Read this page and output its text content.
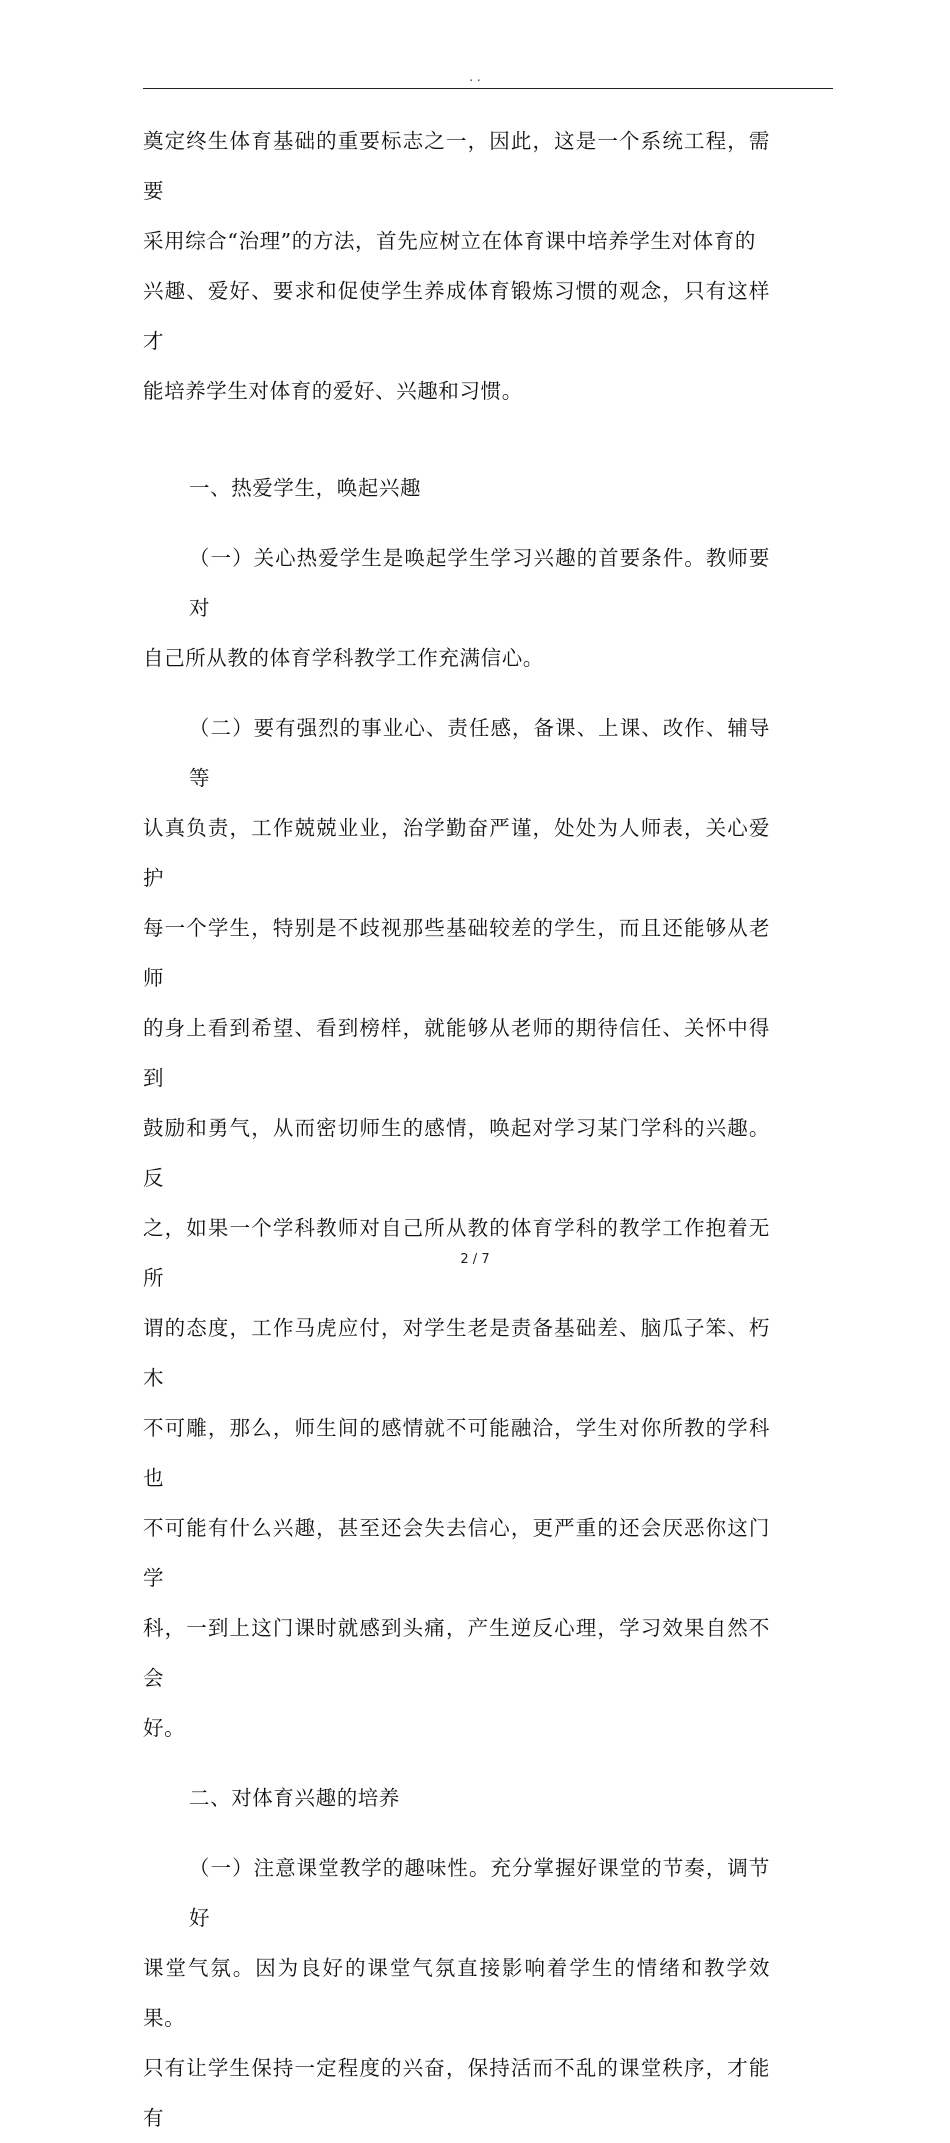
. .

奠定终生体育基础的重要标志之一，因此，这是一个系统工程，需要

采用综合“治理”的方法，首先应树立在体育课中培养学生对体育的

兴趣、爱好、要求和促使学生养成体育锻炼习惯的观念，只有这样才

能培养学生对体育的爱好、兴趣和习惯。

一、热爱学生，唤起兴趣

（一）关心热爱学生是唤起学生学习兴趣的首要条件。教师要对

自己所从教的体育学科教学工作充满信心。

（二）要有强烈的事业心、责任感，备课、上课、改作、辅导等

认真负责，工作兢兢业业，治学勤奋严谨，处处为人师表，关心爱护

每一个学生，特别是不歧视那些基础较差的学生，而且还能够从老师

的身上看到希望、看到榜样，就能够从老师的期待信任、关怀中得到

鼓励和勇气，从而密切师生的感情，唤起对学习某门学科的兴趣。反

之，如果一个学科教师对自己所从教的体育学科的教学工作抱着无所

谓的态度，工作马虎应付，对学生老是责备基础差、脑瓜子笨、朽木

不可雕，那么，师生间的感情就不可能融洽，学生对你所教的学科也

不可能有什么兴趣，甚至还会失去信心，更严重的还会厌恶你这门学

科，一到上这门课时就感到头痛，产生逆反心理，学习效果自然不会

好。

二、对体育兴趣的培养

（一）注意课堂教学的趣味性。充分掌握好课堂的节奏，调节好

课堂气氛。因为良好的课堂气氛直接影响着学生的情绪和教学效果。

只有让学生保持一定程度的兴奋，保持活而不乱的课堂秩序，才能有

2 / 7
